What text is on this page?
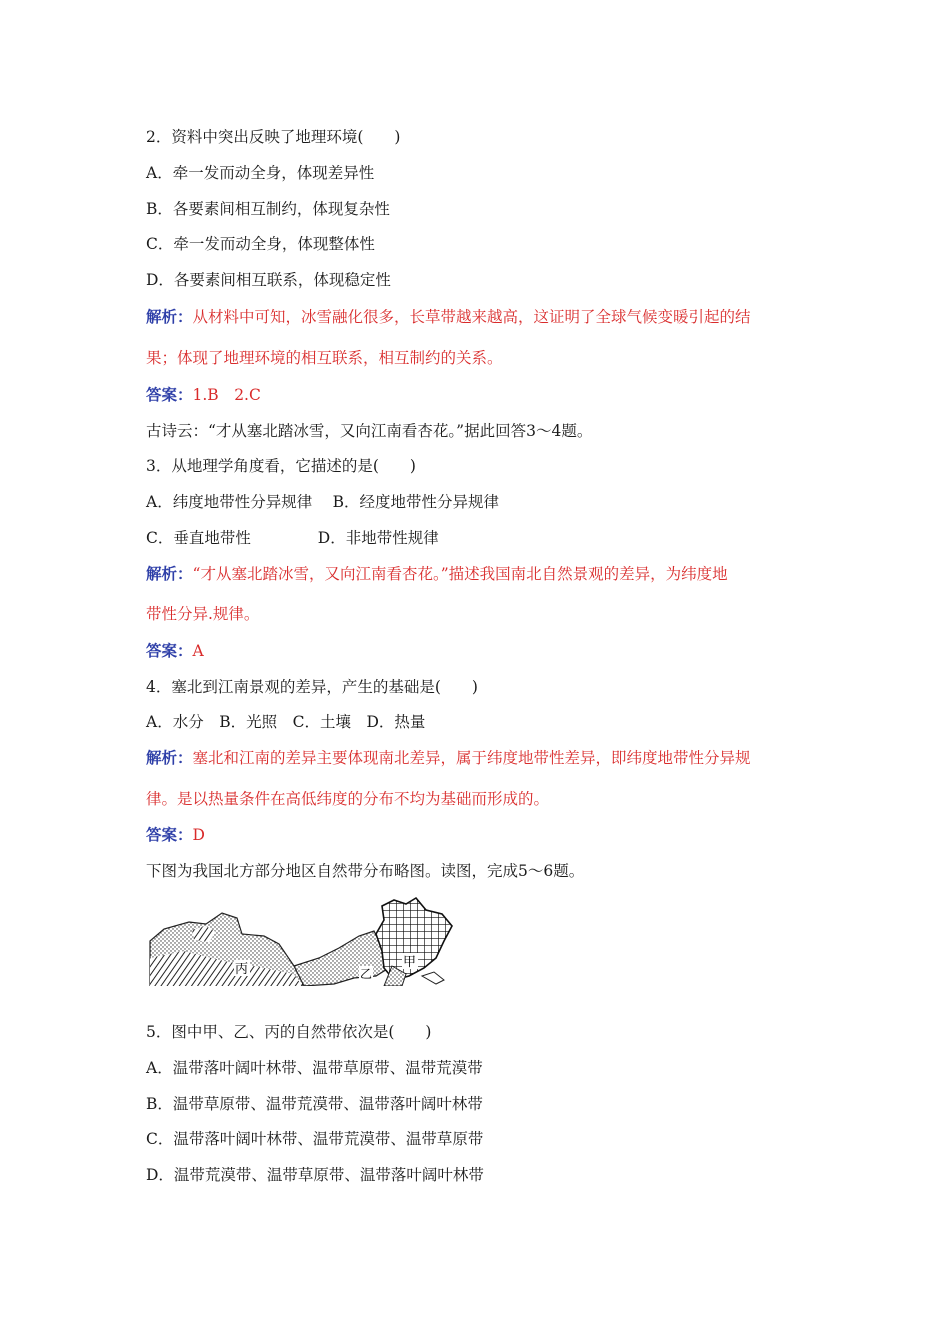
2．资料中突出反映了地理环境(　　)
A．牵一发而动全身，体现差异性
B．各要素间相互制约，体现复杂性
C．牵一发而动全身，体现整体性
D．各要素间相互联系，体现稳定性
解析：从材料中可知，冰雪融化很多，长草带越来越高，这证明了全球气候变暖引起的结
果；体现了地理环境的相互联系，相互制约的关系。
答案：1.B　2.C
古诗云：“才从塞北踏冰雪，又向江南看杏花。”据此回答3～4题。
3．从地理学角度看，它描述的是(　　)
A．纬度地带性分异规律　 B．经度地带性分异规律
C．垂直地带性　　　　 D．非地带性规律
解析：“才从塞北踏冰雪，又向江南看杏花。”描述我国南北自然景观的差异，为纬度地
带性分异.规律。
答案：A
4．塞北到江南景观的差异，产生的基础是(　　)
A．水分　B．光照　C．土壤　D．热量
解析：塞北和江南的差异主要体现南北差异，属于纬度地带性差异，即纬度地带性分异规
律。是以热量条件在高低纬度的分布不均为基础而形成的。
答案：D
下图为我国北方部分地区自然带分布略图。读图，完成5～6题。
丙	乙
甲
5．图中甲、乙、丙的自然带依次是(　　)
A．温带落叶阔叶林带、温带草原带、温带荒漠带
B．温带草原带、温带荒漠带、温带落叶阔叶林带
C．温带落叶阔叶林带、温带荒漠带、温带草原带
D．温带荒漠带、温带草原带、温带落叶阔叶林带
